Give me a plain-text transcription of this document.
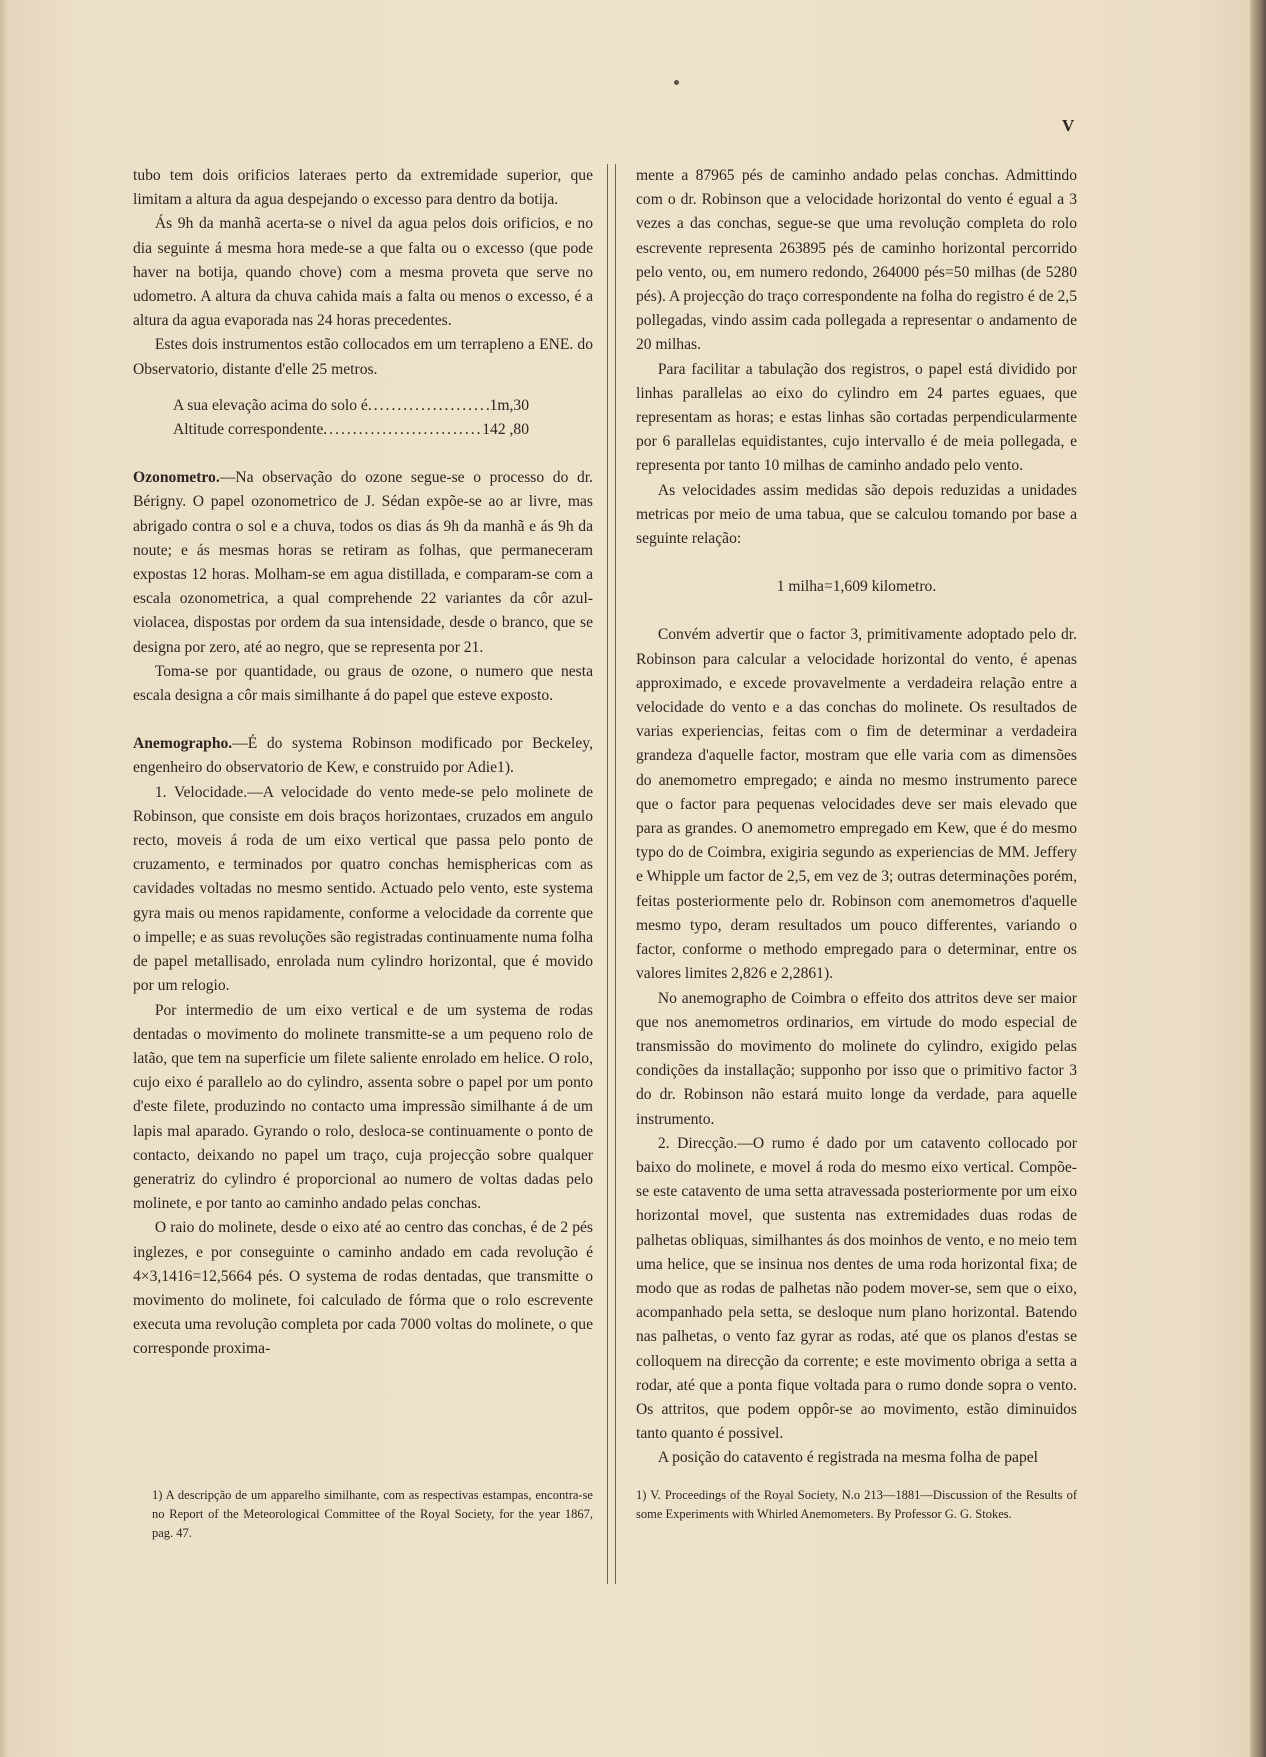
V

tubo tem dois orificios lateraes perto da extremidade superior, que limitam a altura da agua despejando o excesso para dentro da botija.

Ás 9h da manhã acerta-se o nivel da agua pelos dois orificios, e no dia seguinte á mesma hora mede-se a que falta ou o excesso (que pode haver na botija, quando chove) com a mesma proveta que serve no udometro. A altura da chuva cahida mais a falta ou menos o excesso, é a altura da agua evaporada nas 24 horas precedentes.

Estes dois instrumentos estão collocados em um terrapleno a ENE. do Observatorio, distante d'elle 25 metros.

A sua elevação acima do solo é .....	1m,30
Altitude correspondente .....	142 ,80

Ozonometro.—Na observação do ozone segue-se o processo do dr. Bérigny. O papel ozonometrico de J. Sédan expõe-se ao ar livre, mas abrigado contra o sol e a chuva, todos os dias ás 9h da manhã e ás 9h da noute; e ás mesmas horas se retiram as folhas, que permaneceram expostas 12 horas. Molham-se em agua distillada, e comparam-se com a escala ozonometrica, a qual comprehende 22 variantes da côr azul-violacea, dispostas por ordem da sua intensidade, desde o branco, que se designa por zero, até ao negro, que se representa por 21.

Toma-se por quantidade, ou graus de ozone, o numero que nesta escala designa a côr mais similhante á do papel que esteve exposto.

Anemographo.—É do systema Robinson modificado por Beckeley, engenheiro do observatorio de Kew, e construido por Adie1).

1. Velocidade.—A velocidade do vento mede-se pelo molinete de Robinson, que consiste em dois braços horizontaes, cruzados em angulo recto, moveis á roda de um eixo vertical que passa pelo ponto de cruzamento, e terminados por quatro conchas hemisphericas com as cavidades voltadas no mesmo sentido. Actuado pelo vento, este systema gyra mais ou menos rapidamente, conforme a velocidade da corrente que o impelle; e as suas revoluções são registradas continuamente numa folha de papel metallisado, enrolada num cylindro horizontal, que é movido por um relogio.

Por intermedio de um eixo vertical e de um systema de rodas dentadas o movimento do molinete transmitte-se a um pequeno rolo de latão, que tem na superficie um filete saliente enrolado em helice. O rolo, cujo eixo é parallelo ao do cylindro, assenta sobre o papel por um ponto d'este filete, produzindo no contacto uma impressão similhante á de um lapis mal aparado. Gyrando o rolo, desloca-se continuamente o ponto de contacto, deixando no papel um traço, cuja projecção sobre qualquer generatriz do cylindro é proporcional ao numero de voltas dadas pelo molinete, e por tanto ao caminho andado pelas conchas.

O raio do molinete, desde o eixo até ao centro das conchas, é de 2 pés inglezes, e por conseguinte o caminho andado em cada revolução é 4×3,1416=12,5664 pés. O systema de rodas dentadas, que transmitte o movimento do molinete, foi calculado de fórma que o rolo escrevente executa uma revolução completa por cada 7000 voltas do molinete, o que corresponde proxima-

mente a 87965 pés de caminho andado pelas conchas. Admittindo com o dr. Robinson que a velocidade horizontal do vento é egual a 3 vezes a das conchas, segue-se que uma revolução completa do rolo escrevente representa 263895 pés de caminho horizontal percorrido pelo vento, ou, em numero redondo, 264000 pés=50 milhas (de 5280 pés). A projecção do traço correspondente na folha do registro é de 2,5 pollegadas, vindo assim cada pollegada a representar o andamento de 20 milhas.

Para facilitar a tabulação dos registros, o papel está dividido por linhas parallelas ao eixo do cylindro em 24 partes eguaes, que representam as horas; e estas linhas são cortadas perpendicularmente por 6 parallelas equidistantes, cujo intervallo é de meia pollegada, e representa por tanto 10 milhas de caminho andado pelo vento.

As velocidades assim medidas são depois reduzidas a unidades metricas por meio de uma tabua, que se calculou tomando por base a seguinte relação:

1 milha=1,609 kilometro.

Convém advertir que o factor 3, primitivamente adoptado pelo dr. Robinson para calcular a velocidade horizontal do vento, é apenas approximado, e excede provavelmente a verdadeira relação entre a velocidade do vento e a das conchas do molinete. Os resultados de varias experiencias, feitas com o fim de determinar a verdadeira grandeza d'aquelle factor, mostram que elle varia com as dimensões do anemometro empregado; e ainda no mesmo instrumento parece que o factor para pequenas velocidades deve ser mais elevado que para as grandes. O anemometro empregado em Kew, que é do mesmo typo do de Coimbra, exigiria segundo as experiencias de MM. Jeffery e Whipple um factor de 2,5, em vez de 3; outras determinações porém, feitas posteriormente pelo dr. Robinson com anemometros d'aquelle mesmo typo, deram resultados um pouco differentes, variando o factor, conforme o methodo empregado para o determinar, entre os valores limites 2,826 e 2,2861).

No anemographo de Coimbra o effeito dos attritos deve ser maior que nos anemometros ordinarios, em virtude do modo especial de transmissão do movimento do molinete do cylindro, exigido pelas condições da installação; supponho por isso que o primitivo factor 3 do dr. Robinson não estará muito longe da verdade, para aquelle instrumento.

2. Direcção.—O rumo é dado por um catavento collocado por baixo do molinete, e movel á roda do mesmo eixo vertical. Compõe-se este catavento de uma setta atravessada posteriormente por um eixo horizontal movel, que sustenta nas extremidades duas rodas de palhetas obliquas, similhantes ás dos moinhos de vento, e no meio tem uma helice, que se insinua nos dentes de uma roda horizontal fixa; de modo que as rodas de palhetas não podem mover-se, sem que o eixo, acompanhado pela setta, se desloque num plano horizontal. Batendo nas palhetas, o vento faz gyrar as rodas, até que os planos d'estas se colloquem na direcção da corrente; e este movimento obriga a setta a rodar, até que a ponta fique voltada para o rumo donde sopra o vento. Os attritos, que podem oppôr-se ao movimento, estão diminuidos tanto quanto é possivel.

A posição do catavento é registrada na mesma folha de papel

1) A descripção de um apparelho similhante, com as respectivas estampas, encontra-se no Report of the Meteorological Committee of the Royal Society, for the year 1867, pag. 47.

1) V. Proceedings of the Royal Society, N.o 213—1881—Discussion of the Results of some Experiments with Whirled Anemometers. By Professor G. G. Stokes.
